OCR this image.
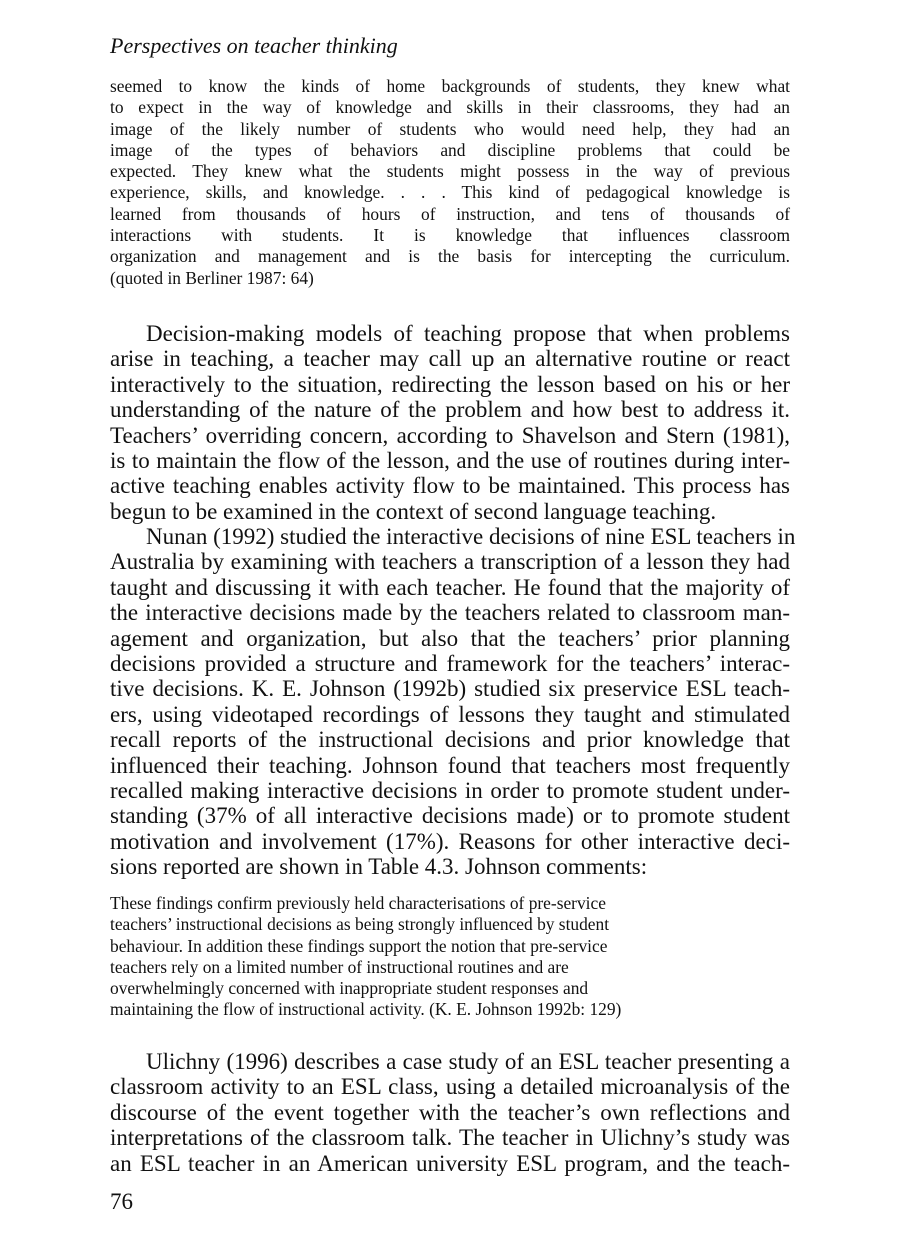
Perspectives on teacher thinking
seemed to know the kinds of home backgrounds of students, they knew what
to expect in the way of knowledge and skills in their classrooms, they had an
image of the likely number of students who would need help, they had an
image of the types of behaviors and discipline problems that could be
expected. They knew what the students might possess in the way of previous
experience, skills, and knowledge. . . . This kind of pedagogical knowledge is
learned from thousands of hours of instruction, and tens of thousands of
interactions with students. It is knowledge that influences classroom
organization and management and is the basis for intercepting the curriculum.
(quoted in Berliner 1987: 64)
Decision-making models of teaching propose that when problems
arise in teaching, a teacher may call up an alternative routine or react
interactively to the situation, redirecting the lesson based on his or her
understanding of the nature of the problem and how best to address it.
Teachers’ overriding concern, according to Shavelson and Stern (1981),
is to maintain the flow of the lesson, and the use of routines during inter-
active teaching enables activity flow to be maintained. This process has
begun to be examined in the context of second language teaching.
Nunan (1992) studied the interactive decisions of nine ESL teachers in
Australia by examining with teachers a transcription of a lesson they had
taught and discussing it with each teacher. He found that the majority of
the interactive decisions made by the teachers related to classroom man-
agement and organization, but also that the teachers’ prior planning
decisions provided a structure and framework for the teachers’ interac-
tive decisions. K. E. Johnson (1992b) studied six preservice ESL teach-
ers, using videotaped recordings of lessons they taught and stimulated
recall reports of the instructional decisions and prior knowledge that
influenced their teaching. Johnson found that teachers most frequently
recalled making interactive decisions in order to promote student under-
standing (37% of all interactive decisions made) or to promote student
motivation and involvement (17%). Reasons for other interactive deci-
sions reported are shown in Table 4.3. Johnson comments:
These findings confirm previously held characterisations of pre-service
teachers’ instructional decisions as being strongly influenced by student
behaviour. In addition these findings support the notion that pre-service
teachers rely on a limited number of instructional routines and are
overwhelmingly concerned with inappropriate student responses and
maintaining the flow of instructional activity. (K. E. Johnson 1992b: 129)
Ulichny (1996) describes a case study of an ESL teacher presenting a
classroom activity to an ESL class, using a detailed microanalysis of the
discourse of the event together with the teacher’s own reflections and
interpretations of the classroom talk. The teacher in Ulichny’s study was
an ESL teacher in an American university ESL program, and the teach-
76
